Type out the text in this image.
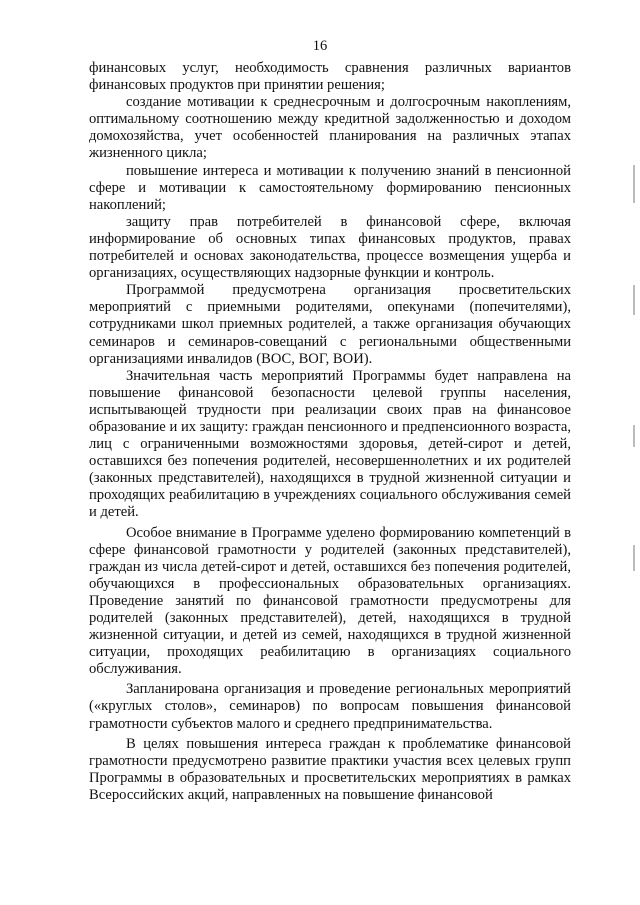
16

финансовых услуг, необходимость сравнения различных вариантов финансовых продуктов при принятии решения;

создание мотивации к среднесрочным и долгосрочным накоплениям, оптимальному соотношению между кредитной задолженностью и доходом домохозяйства, учет особенностей планирования на различных этапах жизненного цикла;

повышение интереса и мотивации к получению знаний в пенсионной сфере и мотивации к самостоятельному формированию пенсионных накоплений;

защиту прав потребителей в финансовой сфере, включая информирование об основных типах финансовых продуктов, правах потребителей и основах законодательства, процессе возмещения ущерба и организациях, осуществляющих надзорные функции и контроль.

Программой предусмотрена организация просветительских мероприятий с приемными родителями, опекунами (попечителями), сотрудниками школ приемных родителей, а также организация обучающих семинаров и семинаров-совещаний с региональными общественными организациями инвалидов (ВОС, ВОГ, ВОИ).

Значительная часть мероприятий Программы будет направлена на повышение финансовой безопасности целевой группы населения, испытывающей трудности при реализации своих прав на финансовое образование и их защиту: граждан пенсионного и предпенсионного возраста, лиц с ограниченными возможностями здоровья, детей-сирот и детей, оставшихся без попечения родителей, несовершеннолетних и их родителей (законных представителей), находящихся в трудной жизненной ситуации и проходящих реабилитацию в учреждениях социального обслуживания семей и детей.

Особое внимание в Программе уделено формированию компетенций в сфере финансовой грамотности у родителей (законных представителей), граждан из числа детей-сирот и детей, оставшихся без попечения родителей, обучающихся в профессиональных образовательных организациях. Проведение занятий по финансовой грамотности предусмотрены для родителей (законных представителей), детей, находящихся в трудной жизненной ситуации, и детей из семей, находящихся в трудной жизненной ситуации, проходящих реабилитацию в организациях социального обслуживания.

Запланирована организация и проведение региональных мероприятий («круглых столов», семинаров) по вопросам повышения финансовой грамотности субъектов малого и среднего предпринимательства.

В целях повышения интереса граждан к проблематике финансовой грамотности предусмотрено развитие практики участия всех целевых групп Программы в образовательных и просветительских мероприятиях в рамках Всероссийских акций, направленных на повышение финансовой
